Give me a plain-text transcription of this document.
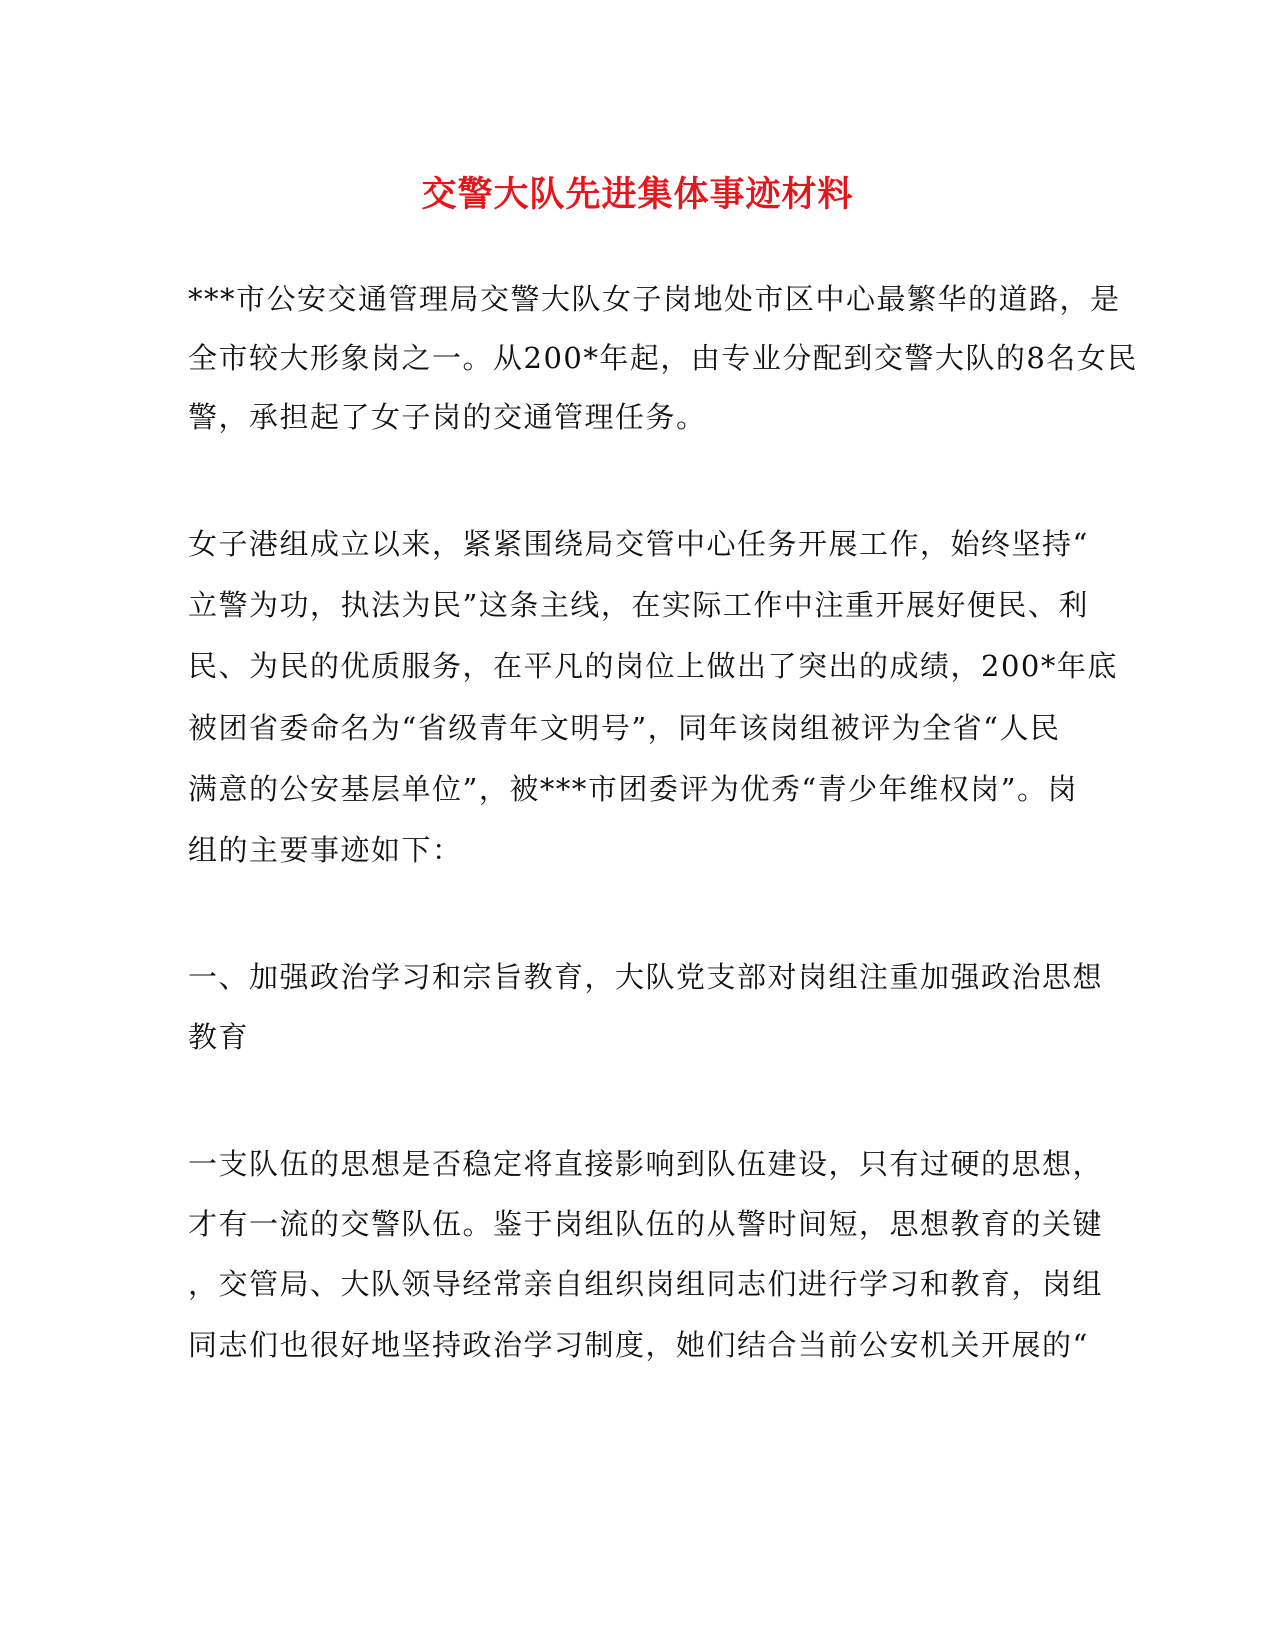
交警大队先进集体事迹材料
***市公安交通管理局交警大队女子岗地处市区中心最繁华的道路，是
全市较大形象岗之一。从200*年起，由专业分配到交警大队的8名女民
警，承担起了女子岗的交通管理任务。
女子港组成立以来，紧紧围绕局交管中心任务开展工作，始终坚持“
立警为功，执法为民”这条主线，在实际工作中注重开展好便民、利
民、为民的优质服务，在平凡的岗位上做出了突出的成绩，200*年底
被团省委命名为“省级青年文明号”，同年该岗组被评为全省“人民
满意的公安基层单位”，被***市团委评为优秀“青少年维权岗”。岗
组的主要事迹如下：
一、加强政治学习和宗旨教育，大队党支部对岗组注重加强政治思想
教育
一支队伍的思想是否稳定将直接影响到队伍建设，只有过硬的思想，
才有一流的交警队伍。鉴于岗组队伍的从警时间短，思想教育的关键
，交管局、大队领导经常亲自组织岗组同志们进行学习和教育，岗组
同志们也很好地坚持政治学习制度，她们结合当前公安机关开展的“
